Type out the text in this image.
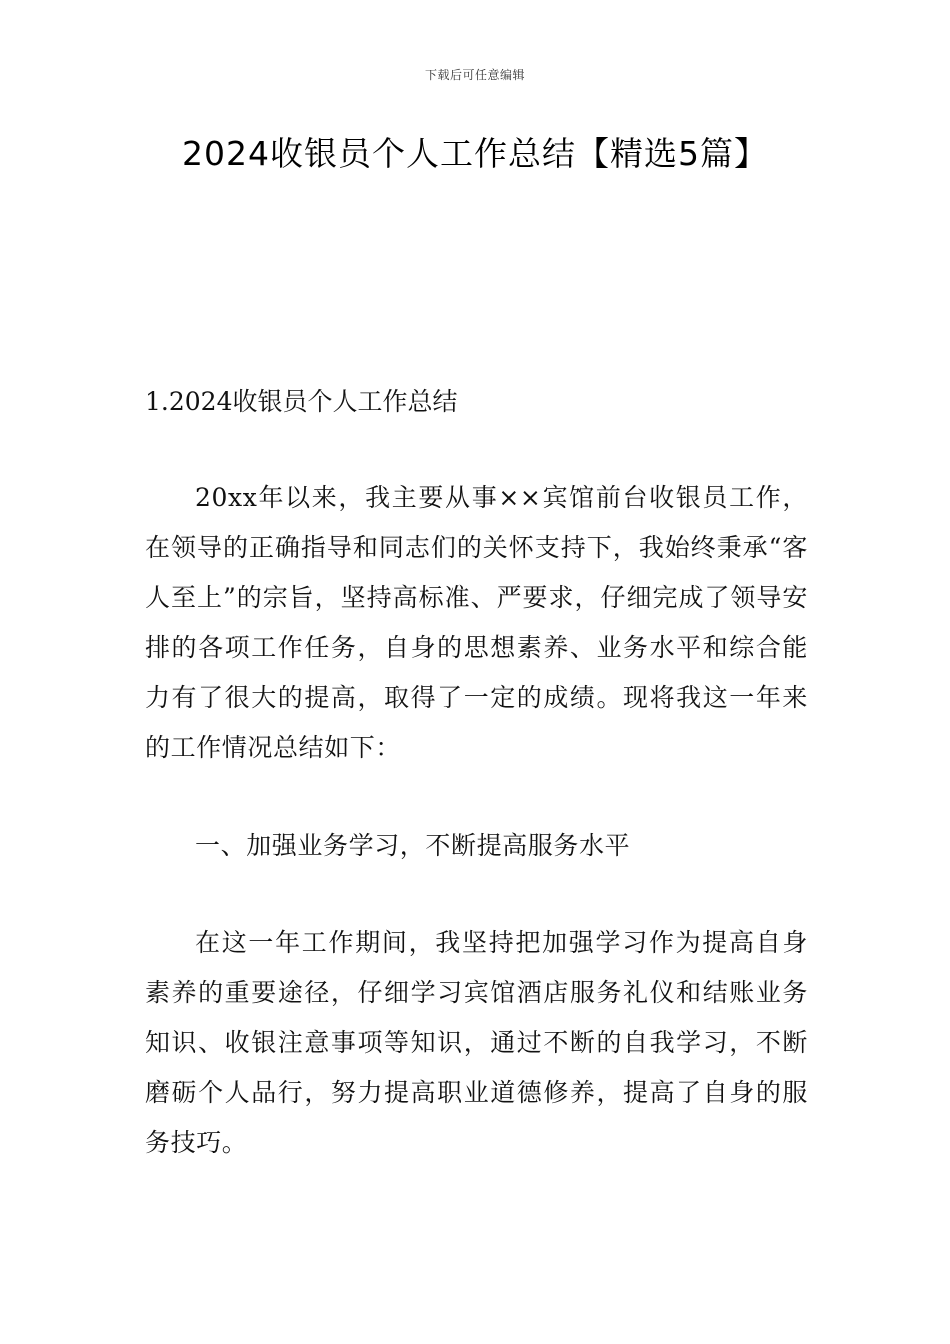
下载后可任意编辑
2024收银员个人工作总结【精选5篇】
1.2024收银员个人工作总结

20xx年以来，我主要从事××宾馆前台收银员工作，在领导的正确指导和同志们的关怀支持下，我始终秉承“客人至上”的宗旨，坚持高标准、严要求，仔细完成了领导安排的各项工作任务，自身的思想素养、业务水平和综合能力有了很大的提高，取得了一定的成绩。现将我这一年来的工作情况总结如下：

一、加强业务学习，不断提高服务水平

在这一年工作期间，我坚持把加强学习作为提高自身素养的重要途径，仔细学习宾馆酒店服务礼仪和结账业务知识、收银注意事项等知识，通过不断的自我学习，不断磨砺个人品行，努力提高职业道德修养，提高了自身的服务技巧。
